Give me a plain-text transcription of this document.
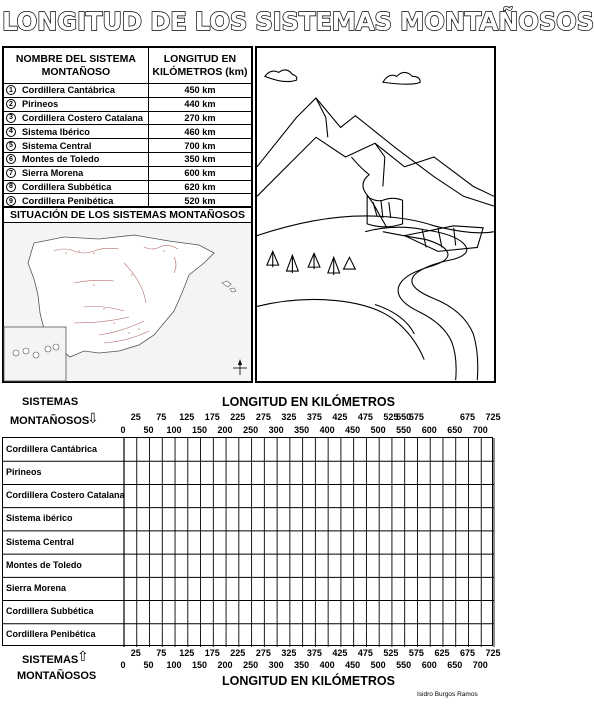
LONGITUD DE LOS SISTEMAS MONTAÑOSOS
NOMBRE DEL SISTEMA MONTAÑOSO
LONGITUD EN KILÓMETROS (km)
1 Cordillera Cantábrica	450 km
2 Pirineos	440 km
3 Cordillera Costero Catalana	270 km
4 Sistema Ibérico	460 km
5 Sistema Central	700 km
6 Montes de Toledo	350 km
7 Sierra Morena	600 km
8 Cordillera Subbética	620 km
9 Cordillera Penibética	520 km
SITUACIÓN DE LOS SISTEMAS MONTAÑOSOS
SISTEMAS
MONTAÑOSOS
⇩
LONGITUD EN KILÓMETROS
25 75 125 175 225 275 325 375 425 475 525
550
575	675 725
0 50 100 150 200 250 300 350 400 450 500 550 600 650 700
Cordillera Cantábrica
Pirineos
Cordillera Costero Catalana
Sistema ibérico
Sistema Central
Montes de Toledo
Sierra Morena
Cordillera Subbética
Cordillera Penibética
25 75 125 175 225 275 325 375 425 475 525 575 625 675 725
0 50 100 150 200 250 300 350 400 450 500 550 600 650 700
SISTEMAS
⇧
MONTAÑOSOS	LONGITUD EN KILÓMETROS
Isidro Burgos Ramos
